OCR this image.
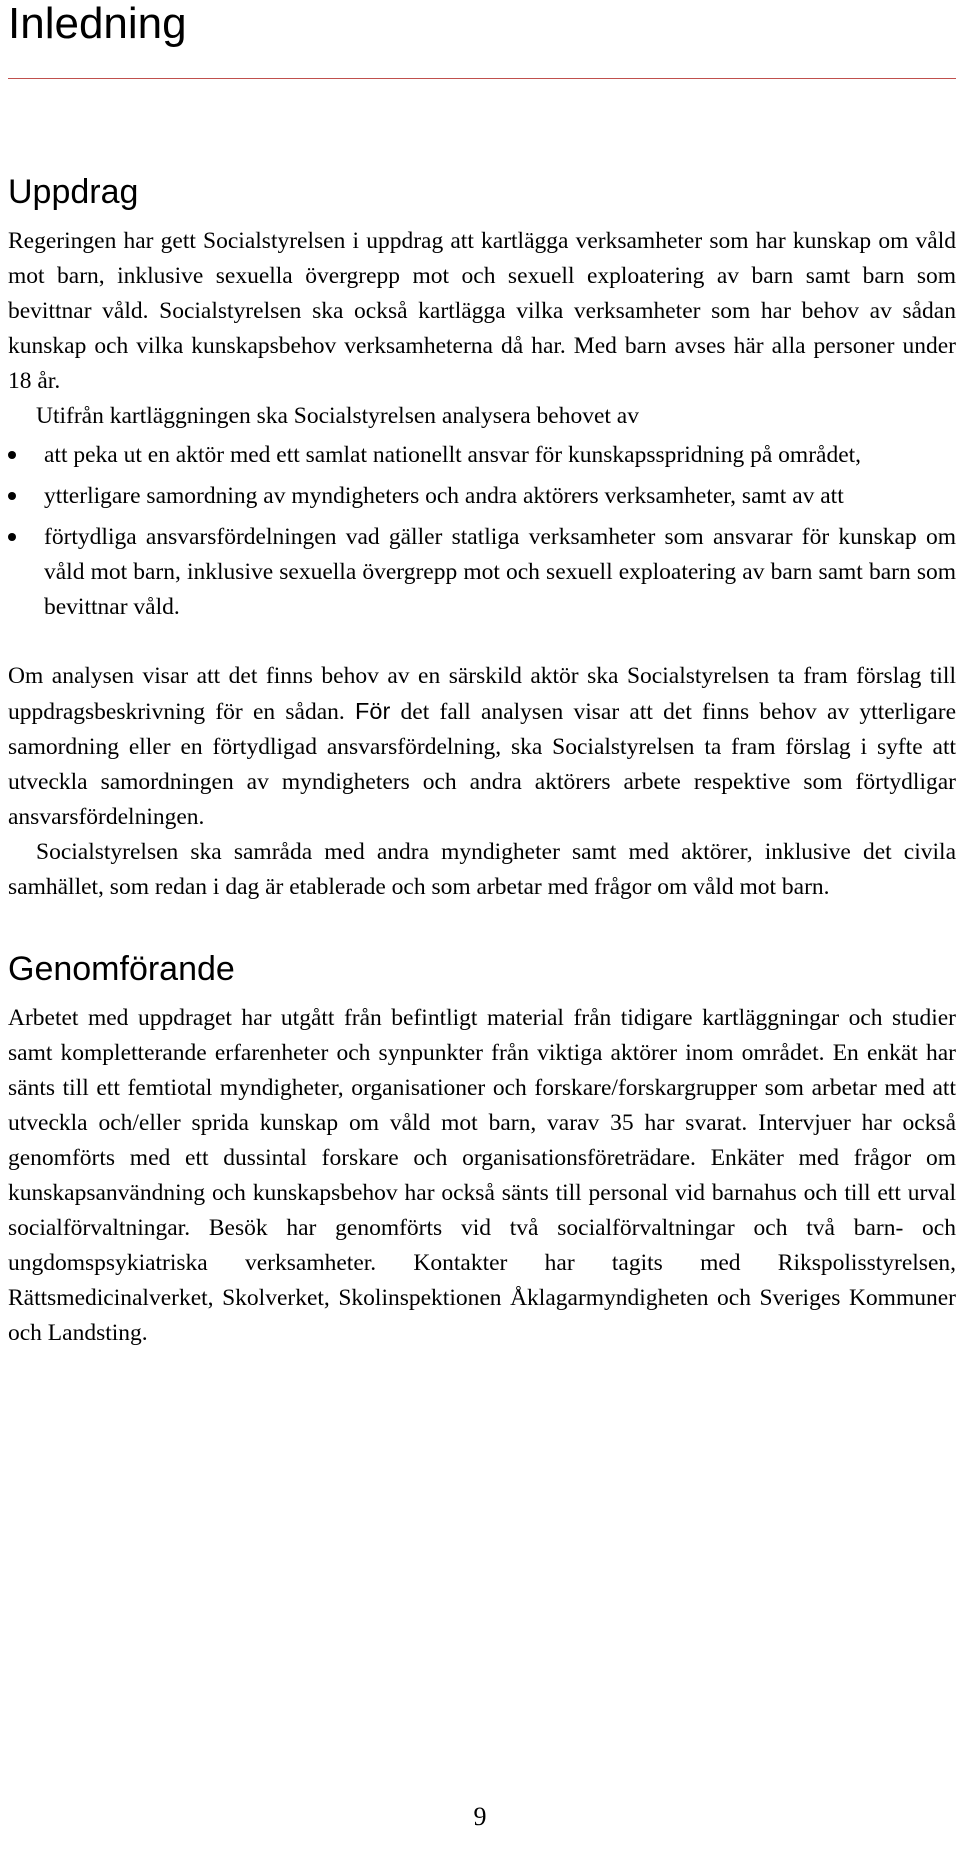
Inledning
Uppdrag

Regeringen har gett Socialstyrelsen i uppdrag att kartlägga verksamheter som har kunskap om våld mot barn, inklusive sexuella övergrepp mot och sexuell exploatering av barn samt barn som bevittnar våld. Socialstyrelsen ska också kartlägga vilka verksamheter som har behov av sådan kunskap och vilka kunskapsbehov verksamheterna då har. Med barn avses här alla personer under 18 år.

Utifrån kartläggningen ska Socialstyrelsen analysera behovet av

att peka ut en aktör med ett samlat nationellt ansvar för kunskapsspridning på området,
ytterligare samordning av myndigheters och andra aktörers verksamheter, samt av att
förtydliga ansvarsfördelningen vad gäller statliga verksamheter som ansvarar för kunskap om våld mot barn, inklusive sexuella övergrepp mot och sexuell exploatering av barn samt barn som bevittnar våld.

Om analysen visar att det finns behov av en särskild aktör ska Socialstyrelsen ta fram förslag till uppdragsbeskrivning för en sådan. För det fall analysen visar att det finns behov av ytterligare samordning eller en förtydligad ansvarsfördelning, ska Socialstyrelsen ta fram förslag i syfte att utveckla samordningen av myndigheters och andra aktörers arbete respektive som förtydligar ansvarsfördelningen.

Socialstyrelsen ska samråda med andra myndigheter samt med aktörer, inklusive det civila samhället, som redan i dag är etablerade och som arbetar med frågor om våld mot barn.

Genomförande

Arbetet med uppdraget har utgått från befintligt material från tidigare kartläggningar och studier samt kompletterande erfarenheter och synpunkter från viktiga aktörer inom området. En enkät har sänts till ett femtiotal myndigheter, organisationer och forskare/forskargrupper som arbetar med att utveckla och/eller sprida kunskap om våld mot barn, varav 35 har svarat. Intervjuer har också genomförts med ett dussintal forskare och organisationsföreträdare. Enkäter med frågor om kunskapsanvändning och kunskapsbehov har också sänts till personal vid barnahus och till ett urval socialförvaltningar. Besök har genomförts vid två socialförvaltningar och två barn- och ungdomspsykiatriska verksamheter. Kontakter har tagits med Rikspolisstyrelsen, Rättsmedicinalverket, Skolverket, Skolinspektionen Åklagarmyndigheten och Sveriges Kommuner och Landsting.

9
